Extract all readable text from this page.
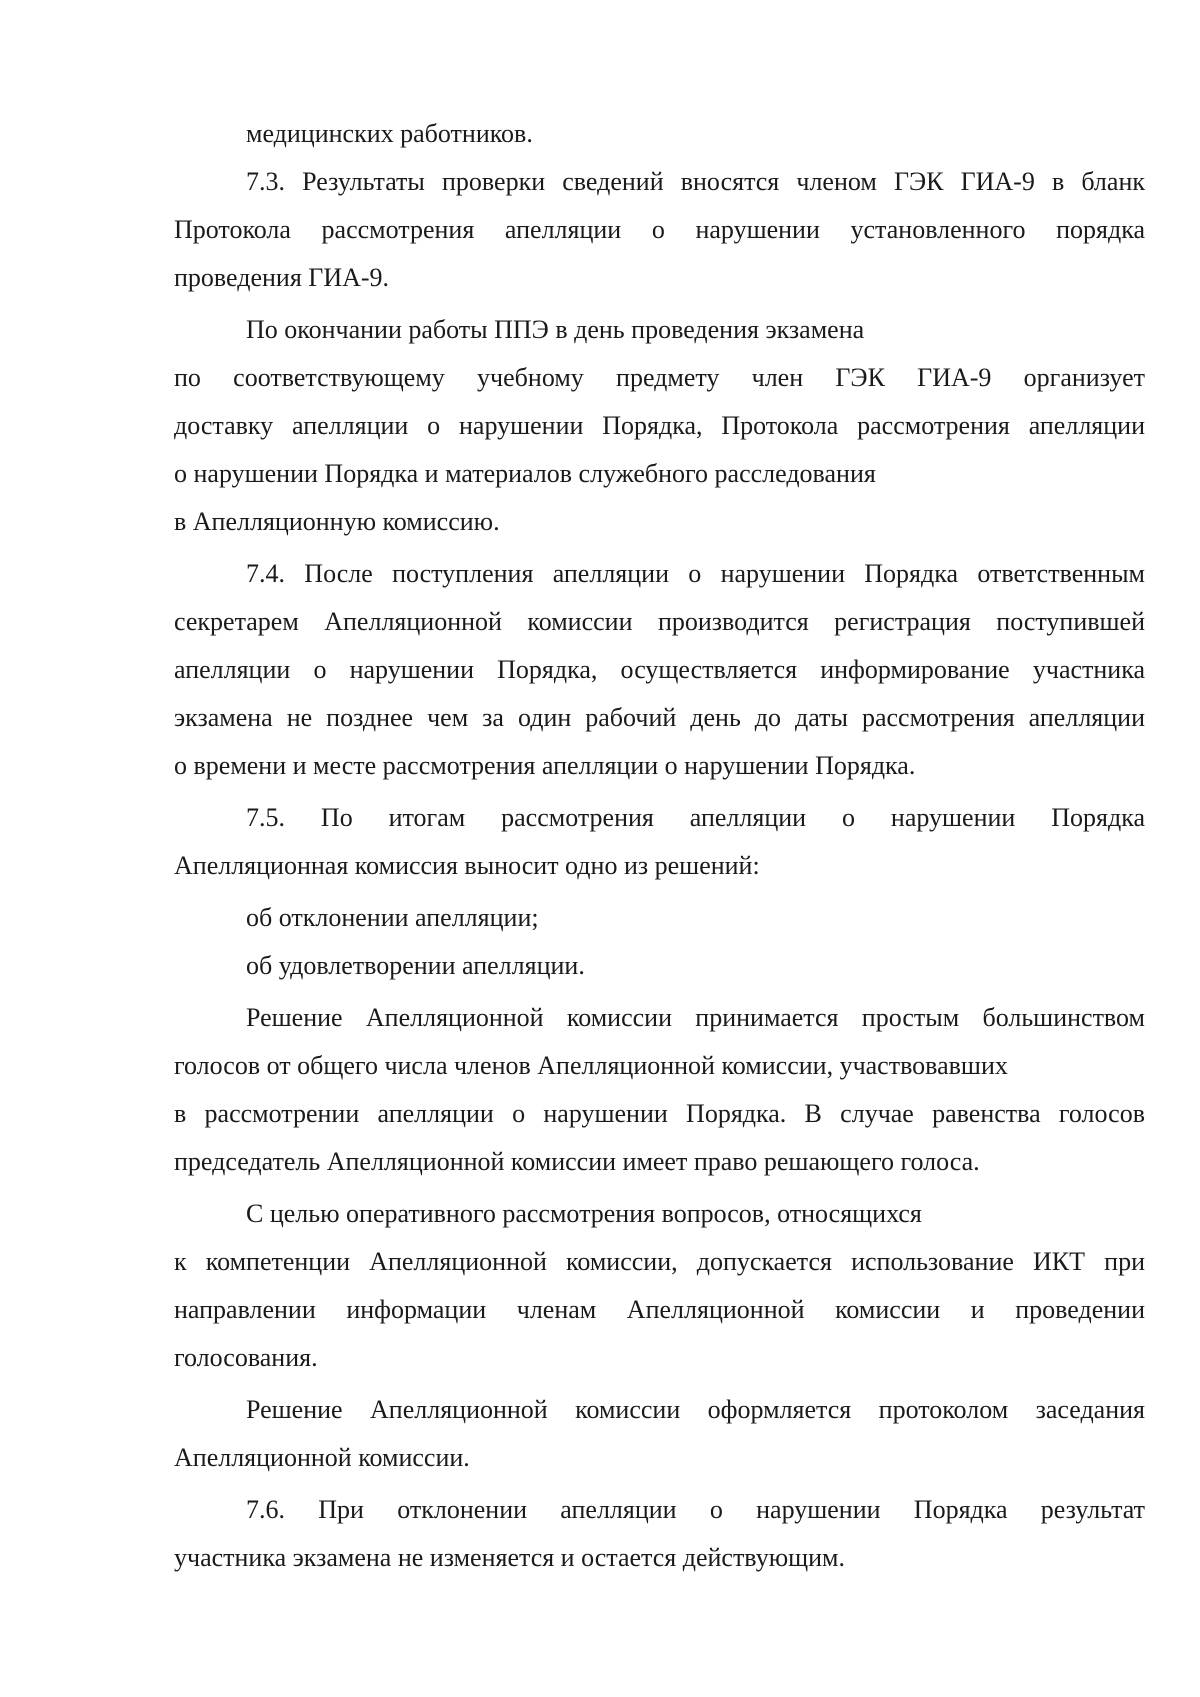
медицинских работников.
7.3. Результаты проверки сведений вносятся членом ГЭК ГИА-9 в бланк
Протокола рассмотрения апелляции о нарушении установленного порядка
проведения ГИА-9.
По окончании работы ППЭ в день проведения экзамена
по соответствующему учебному предмету член ГЭК ГИА-9 организует
доставку апелляции о нарушении Порядка, Протокола рассмотрения апелляции
о нарушении Порядка и материалов служебного расследования
в Апелляционную комиссию.
7.4. После поступления апелляции о нарушении Порядка ответственным
секретарем Апелляционной комиссии производится регистрация поступившей
апелляции о нарушении Порядка, осуществляется информирование участника
экзамена не позднее чем за один рабочий день до даты рассмотрения апелляции
о времени и месте рассмотрения апелляции о нарушении Порядка.
7.5. По итогам рассмотрения апелляции о нарушении Порядка
Апелляционная комиссия выносит одно из решений:
об отклонении апелляции;
об удовлетворении апелляции.
Решение Апелляционной комиссии принимается простым большинством
голосов от общего числа членов Апелляционной комиссии, участвовавших
в рассмотрении апелляции о нарушении Порядка. В случае равенства голосов
председатель Апелляционной комиссии имеет право решающего голоса.
С целью оперативного рассмотрения вопросов, относящихся
к компетенции Апелляционной комиссии, допускается использование ИКТ при
направлении информации членам Апелляционной комиссии и проведении
голосования.
Решение Апелляционной комиссии оформляется протоколом заседания
Апелляционной комиссии.
7.6. При отклонении апелляции о нарушении Порядка результат
участника экзамена не изменяется и остается действующим.
